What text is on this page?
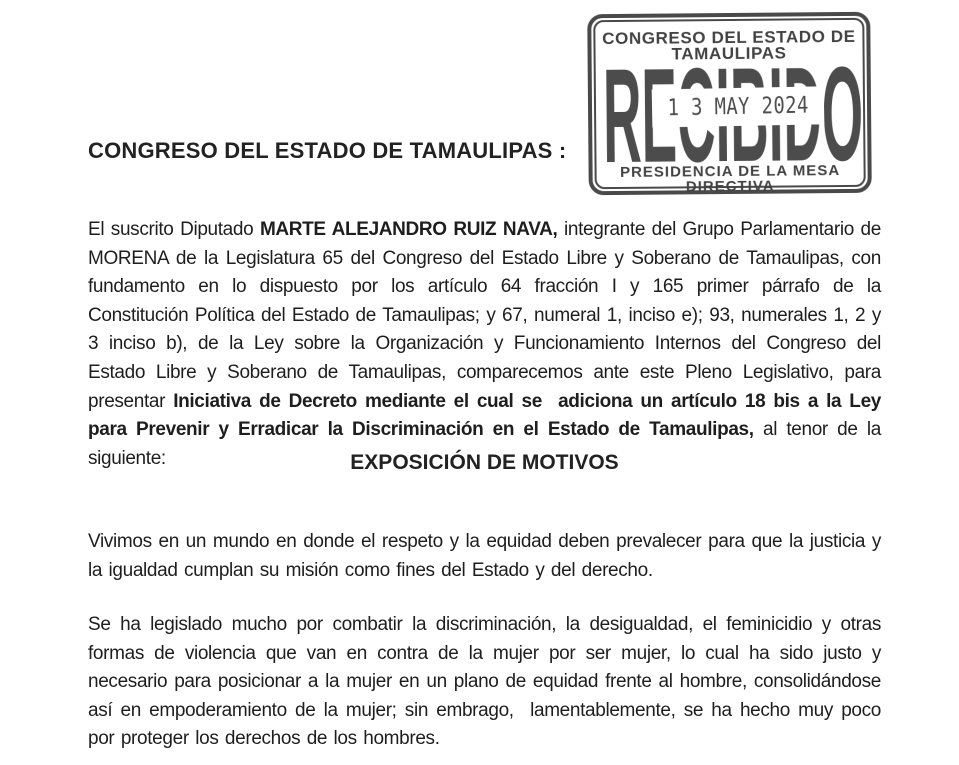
CONGRESO DEL ESTADO DE
TAMAULIPAS
1 3 MAY 2024
PRESIDENCIA DE LA MESA
DIRECTIVA
CONGRESO DEL ESTADO DE TAMAULIPAS :

El suscrito Diputado MARTE ALEJANDRO RUIZ NAVA, integrante del Grupo Parlamentario de MORENA de la Legislatura 65 del Congreso del Estado Libre y Soberano de Tamaulipas, con fundamento en lo dispuesto por los artículo 64 fracción I y 165 primer párrafo de la Constitución Política del Estado de Tamaulipas; y 67, numeral 1, inciso e); 93, numerales 1, 2 y 3 inciso b), de la Ley sobre la Organización y Funcionamiento Internos del Congreso del Estado Libre y Soberano de Tamaulipas, comparecemos ante este Pleno Legislativo, para presentar Iniciativa de Decreto mediante el cual se  adiciona un artículo 18 bis a la Ley para Prevenir y Erradicar la Discriminación en el Estado de Tamaulipas, al tenor de la siguiente:	EXPOSICIÓN DE MOTIVOS

Vivimos en un mundo en donde el respeto y la equidad deben prevalecer para que la justicia y la igualdad cumplan su misión como fines del Estado y del derecho.

Se ha legislado mucho por combatir la discriminación, la desigualdad, el feminicidio y otras formas de violencia que van en contra de la mujer por ser mujer, lo cual ha sido justo y necesario para posicionar a la mujer en un plano de equidad frente al hombre, consolidándose así en empoderamiento de la mujer; sin embrago,  lamentablemente, se ha hecho muy poco por proteger los derechos de los hombres.
